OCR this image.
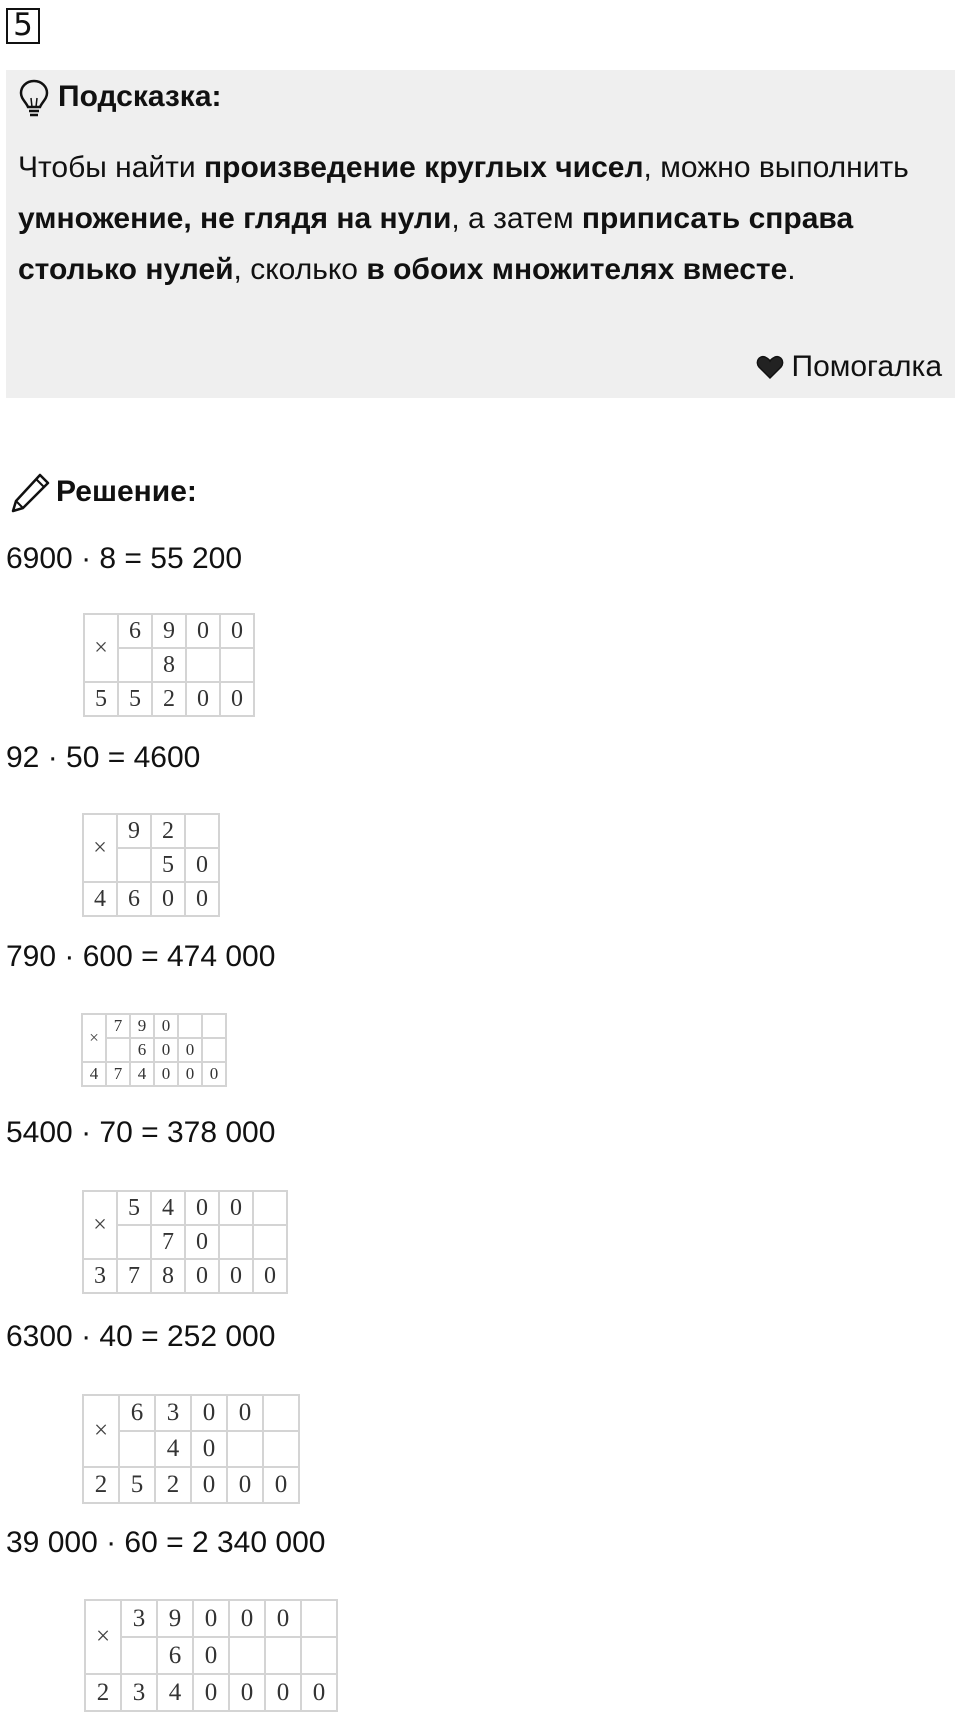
5
Подсказка:
Чтобы найти произведение круглых чисел, можно выполнить умножение, не глядя на нули, а затем приписать справа столько нулей, сколько в обоих множителях вместе.
Помогалка
Решение:
6900 · 8 = 55 200
×	6	9	0	0
		8		
5	5	2	0	0
92 · 50 = 4600
×	9	2	
		5	0
4	6	0	0
790 · 600 = 474 000
×	7	9	0		
		6	0	0	
4	7	4	0	0	0
5400 · 70 = 378 000
×	5	4	0	0	
		7	0		
3	7	8	0	0	0
6300 · 40 = 252 000
×	6	3	0	0	
		4	0		
2	5	2	0	0	0
39 000 · 60 = 2 340 000
×	3	9	0	0	0	
		6	0			
2	3	4	0	0	0	0
